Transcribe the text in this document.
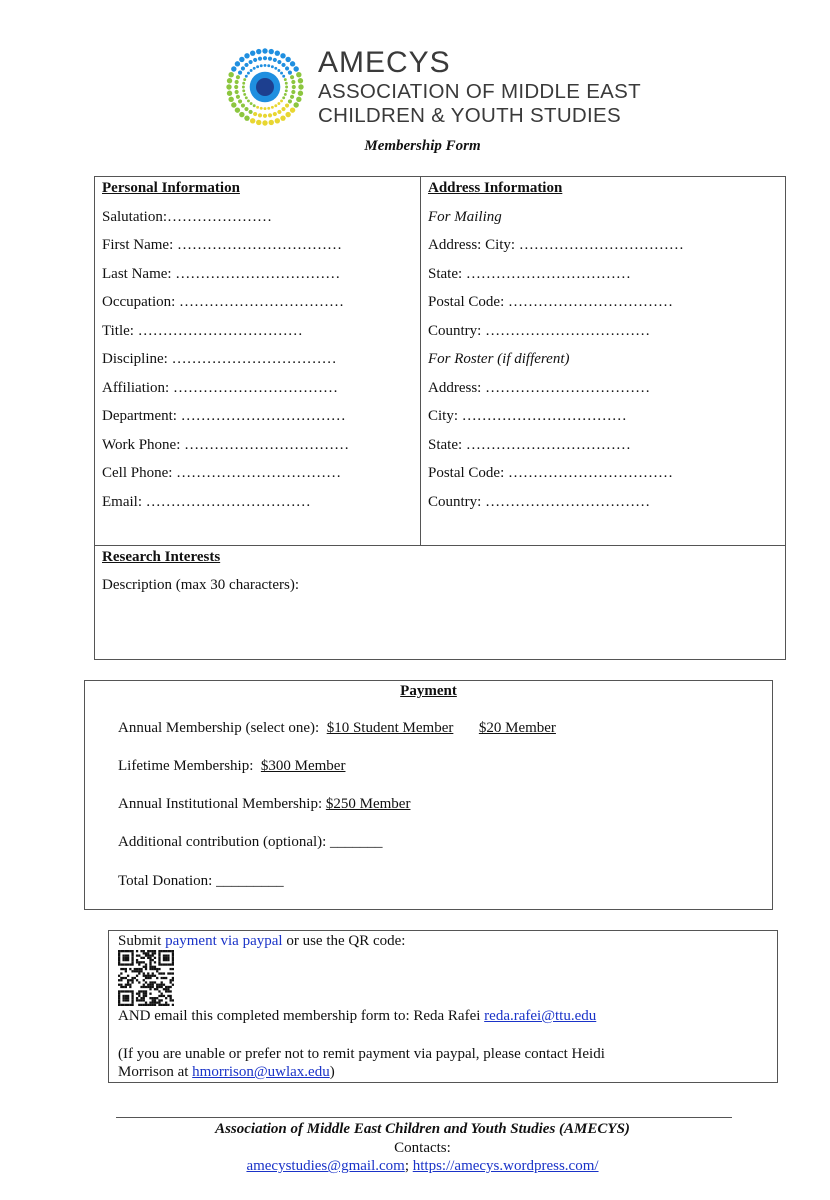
AMECYS
ASSOCIATION OF MIDDLE EAST
CHILDREN & YOUTH STUDIES
Membership Form
Personal Information
Salutation:…………………
First Name: ……………………………
Last Name: ……………………………
Occupation: ……………………………
Title: ……………………………
Discipline: ……………………………
Affiliation: ……………………………
Department: ……………………………
Work Phone: ……………………………
Cell Phone: ……………………………
Email: ……………………………
Address Information
For Mailing
Address: City: ……………………………
State: ……………………………
Postal Code: ……………………………
Country: ……………………………
For Roster (if different)
Address: ……………………………
City: ……………………………
State: ……………………………
Postal Code: ……………………………
Country: ……………………………
Research Interests
Description (max 30 characters):
Payment
Annual Membership (select one): $10 Student Member $20 Member
Lifetime Membership: $300 Member
Annual Institutional Membership: $250 Member
Additional contribution (optional): _______
Total Donation: _________
Submit payment via paypal or use the QR code:
AND email this completed membership form to: Reda Rafei reda.rafei@ttu.edu
(If you are unable or prefer not to remit payment via paypal, please contact Heidi
Morrison at hmorrison@uwlax.edu)
Association of Middle East Children and Youth Studies (AMECYS)
Contacts:
amecystudies@gmail.com; https://amecys.wordpress.com/
